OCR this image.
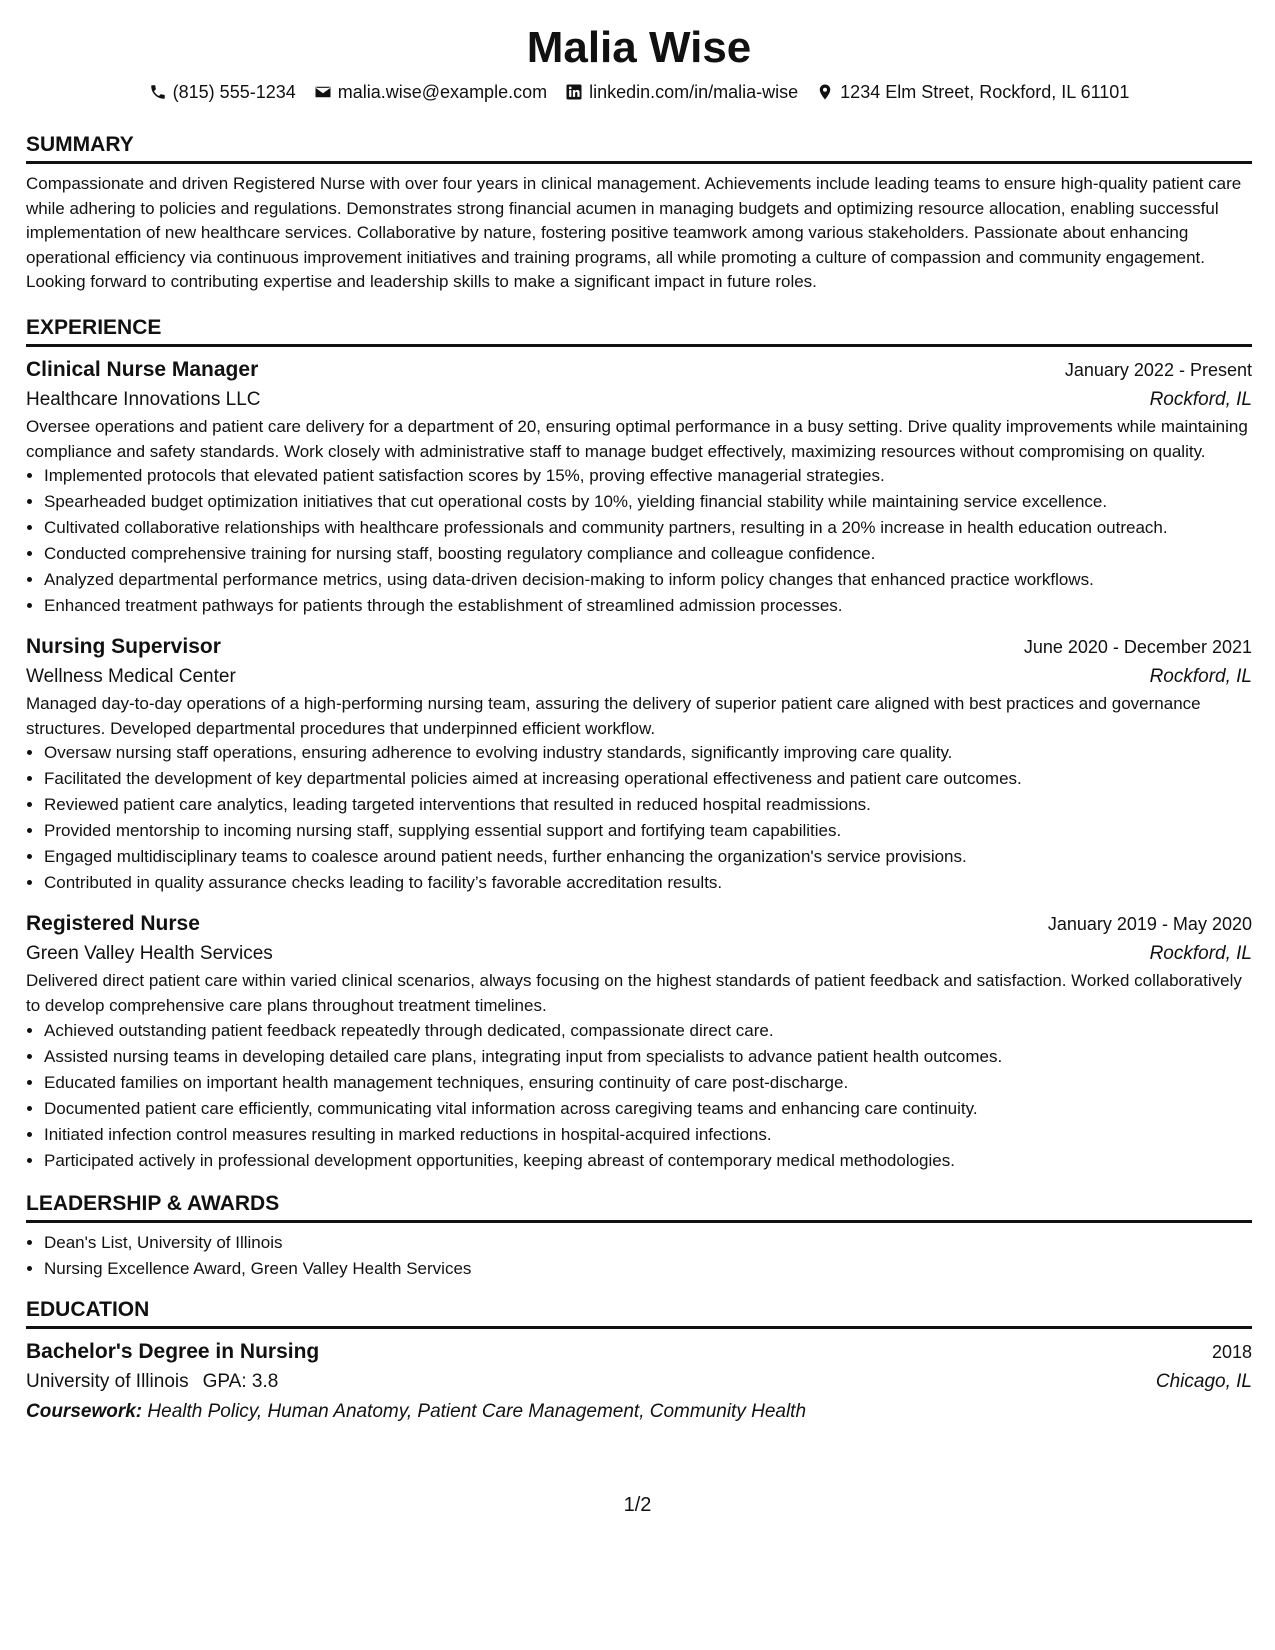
Malia Wise
(815) 555-1234 malia.wise@example.com linkedin.com/in/malia-wise 1234 Elm Street, Rockford, IL 61101
SUMMARY

Compassionate and driven Registered Nurse with over four years in clinical management. Achievements include leading teams to ensure high-quality patient care while adhering to policies and regulations. Demonstrates strong financial acumen in managing budgets and optimizing resource allocation, enabling successful implementation of new healthcare services. Collaborative by nature, fostering positive teamwork among various stakeholders. Passionate about enhancing operational efficiency via continuous improvement initiatives and training programs, all while promoting a culture of compassion and community engagement. Looking forward to contributing expertise and leadership skills to make a significant impact in future roles.

EXPERIENCE
Clinical Nurse Manager	January 2022 - Present
Healthcare Innovations LLC	Rockford, IL

Oversee operations and patient care delivery for a department of 20, ensuring optimal performance in a busy setting. Drive quality improvements while maintaining compliance and safety standards. Work closely with administrative staff to manage budget effectively, maximizing resources without compromising on quality.

• Implemented protocols that elevated patient satisfaction scores by 15%, proving effective managerial strategies.
• Spearheaded budget optimization initiatives that cut operational costs by 10%, yielding financial stability while maintaining service excellence.
• Cultivated collaborative relationships with healthcare professionals and community partners, resulting in a 20% increase in health education outreach.
• Conducted comprehensive training for nursing staff, boosting regulatory compliance and colleague confidence.
• Analyzed departmental performance metrics, using data-driven decision-making to inform policy changes that enhanced practice workflows.
• Enhanced treatment pathways for patients through the establishment of streamlined admission processes.
Nursing Supervisor	June 2020 - December 2021
Wellness Medical Center	Rockford, IL

Managed day-to-day operations of a high-performing nursing team, assuring the delivery of superior patient care aligned with best practices and governance structures. Developed departmental procedures that underpinned efficient workflow.

• Oversaw nursing staff operations, ensuring adherence to evolving industry standards, significantly improving care quality.
• Facilitated the development of key departmental policies aimed at increasing operational effectiveness and patient care outcomes.
• Reviewed patient care analytics, leading targeted interventions that resulted in reduced hospital readmissions.
• Provided mentorship to incoming nursing staff, supplying essential support and fortifying team capabilities.
• Engaged multidisciplinary teams to coalesce around patient needs, further enhancing the organization's service provisions.
• Contributed in quality assurance checks leading to facility’s favorable accreditation results.
Registered Nurse	January 2019 - May 2020
Green Valley Health Services	Rockford, IL

Delivered direct patient care within varied clinical scenarios, always focusing on the highest standards of patient feedback and satisfaction. Worked collaboratively to develop comprehensive care plans throughout treatment timelines.

• Achieved outstanding patient feedback repeatedly through dedicated, compassionate direct care.
• Assisted nursing teams in developing detailed care plans, integrating input from specialists to advance patient health outcomes.
• Educated families on important health management techniques, ensuring continuity of care post-discharge.
• Documented patient care efficiently, communicating vital information across caregiving teams and enhancing care continuity.
• Initiated infection control measures resulting in marked reductions in hospital-acquired infections.
• Participated actively in professional development opportunities, keeping abreast of contemporary medical methodologies.
LEADERSHIP & AWARDS
• Dean's List, University of Illinois
• Nursing Excellence Award, Green Valley Health Services
EDUCATION
Bachelor's Degree in Nursing	2018
University of Illinois GPA: 3.8	Chicago, IL
Coursework: Health Policy, Human Anatomy, Patient Care Management, Community Health
1/2
